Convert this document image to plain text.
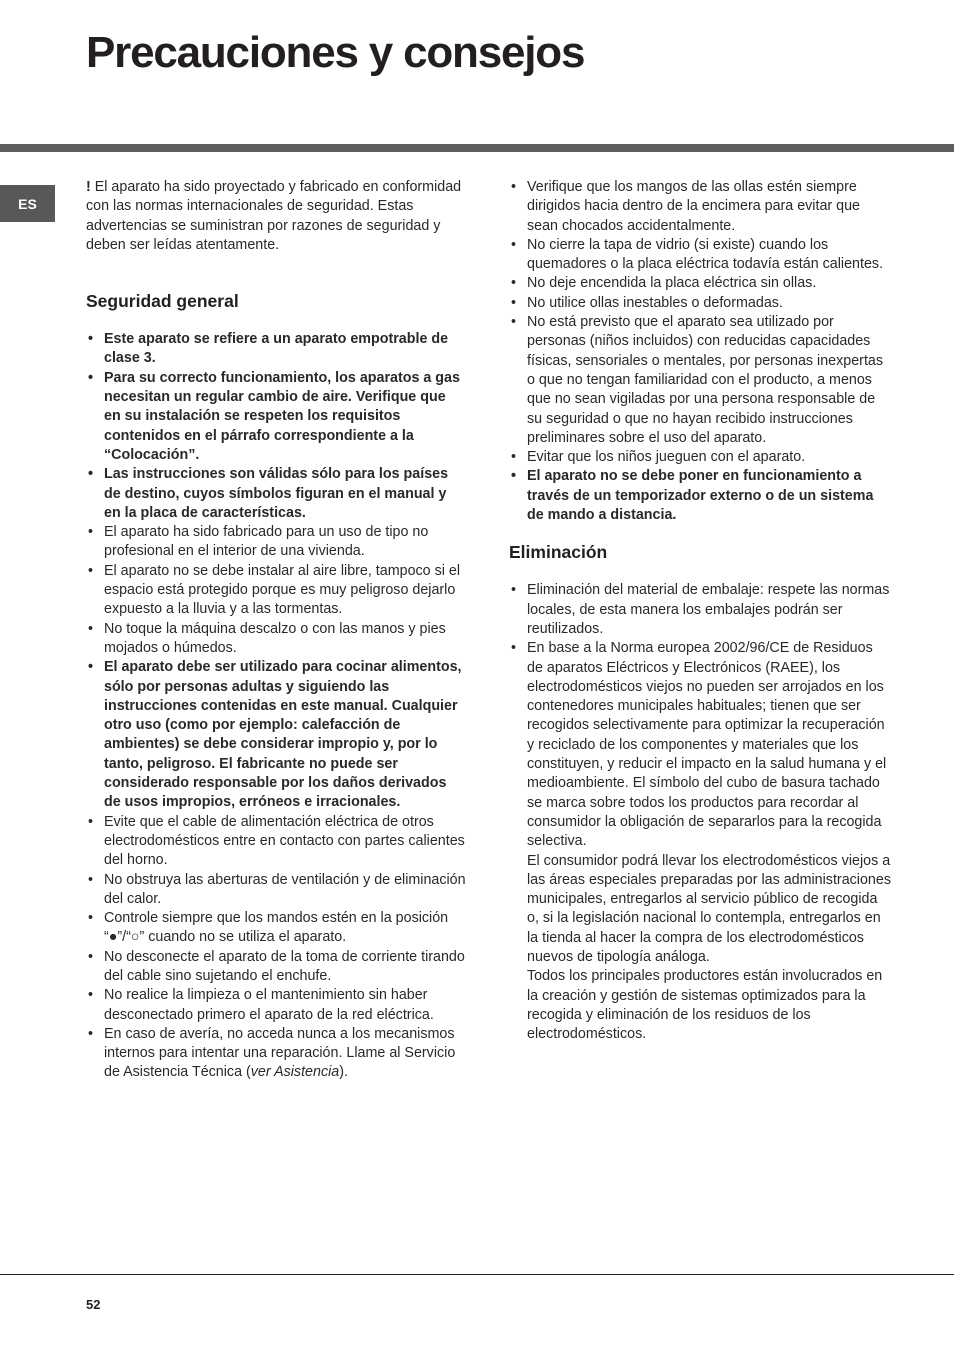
Precauciones y consejos
ES

! El aparato ha sido proyectado y fabricado en conformidad con las normas internacionales de seguridad. Estas advertencias se suministran por razones de seguridad y deben ser leídas atentamente.

Seguridad general
• Este aparato se refiere a un aparato empotrable de clase 3.
• Para su correcto funcionamiento, los aparatos a gas necesitan un regular cambio de aire. Verifique que en su instalación se respeten los requisitos contenidos en el párrafo correspondiente a la “Colocación”.
• Las instrucciones son válidas sólo para los países de destino, cuyos símbolos figuran en el manual y en la placa de características.
• El aparato ha sido fabricado para un uso de tipo no profesional en el interior de una vivienda.
• El aparato no se debe instalar al aire libre, tampoco si el espacio está protegido porque es muy peligroso dejarlo expuesto a la lluvia y a las tormentas.
• No toque la máquina descalzo o con las manos y pies mojados o húmedos.
• El aparato debe ser utilizado para cocinar alimentos, sólo por personas adultas y siguiendo las instrucciones contenidas en este manual. Cualquier otro uso (como por ejemplo: calefacción de ambientes) se debe considerar impropio y, por lo tanto, peligroso. El fabricante no puede ser considerado responsable por los daños derivados de usos impropios, erróneos e irracionales.
• Evite que el cable de alimentación eléctrica de otros electrodomésticos entre en contacto con partes calientes del horno.
• No obstruya las aberturas de ventilación y de eliminación del calor.
• Controle siempre que los mandos estén en la posición “●”/“○” cuando no se utiliza el aparato.
• No desconecte el aparato de la toma de corriente tirando del cable sino sujetando el enchufe.
• No realice la limpieza o el mantenimiento sin haber desconectado primero el aparato de la red eléctrica.
• En caso de avería, no acceda nunca a los mecanismos internos para intentar una reparación. Llame al Servicio de Asistencia Técnica (ver Asistencia).
• Verifique que los mangos de las ollas estén siempre dirigidos hacia dentro de la encimera para evitar que sean chocados accidentalmente.
• No cierre la tapa de vidrio (si existe) cuando los quemadores o la placa eléctrica todavía están calientes.
• No deje encendida la placa eléctrica sin ollas.
• No utilice ollas inestables o deformadas.
• No está previsto que el aparato sea utilizado por personas (niños incluidos) con reducidas capacidades físicas, sensoriales o mentales, por personas inexpertas o que no tengan familiaridad con el producto, a menos que no sean vigiladas por una persona responsable de su seguridad o que no hayan recibido instrucciones preliminares sobre el uso del aparato.
• Evitar que los niños jueguen con el aparato.
• El aparato no se debe poner en funcionamiento a través de un temporizador externo o de un sistema de mando a distancia.
Eliminación
• Eliminación del material de embalaje: respete las normas locales, de esta manera los embalajes podrán ser reutilizados.
• En base a la Norma europea 2002/96/CE de Residuos de aparatos Eléctricos y Electrónicos (RAEE), los electrodomésticos viejos no pueden ser arrojados en los contenedores municipales habituales; tienen que ser recogidos selectivamente para optimizar la recuperación y reciclado de los componentes y materiales que los constituyen, y reducir el impacto en la salud humana y el medioambiente. El símbolo del cubo de basura tachado se marca sobre todos los productos para recordar al consumidor la obligación de separarlos para la recogida selectiva.
El consumidor podrá llevar los electrodomésticos viejos a las áreas especiales preparadas por las administraciones municipales, entregarlos al servicio público de recogida o, si la legislación nacional lo contempla, entregarlos en la tienda al hacer la compra de los electrodomésticos nuevos de tipología análoga.
Todos los principales productores están involucrados en la creación y gestión de sistemas optimizados para la recogida y eliminación de los residuos de los electrodomésticos.
52
